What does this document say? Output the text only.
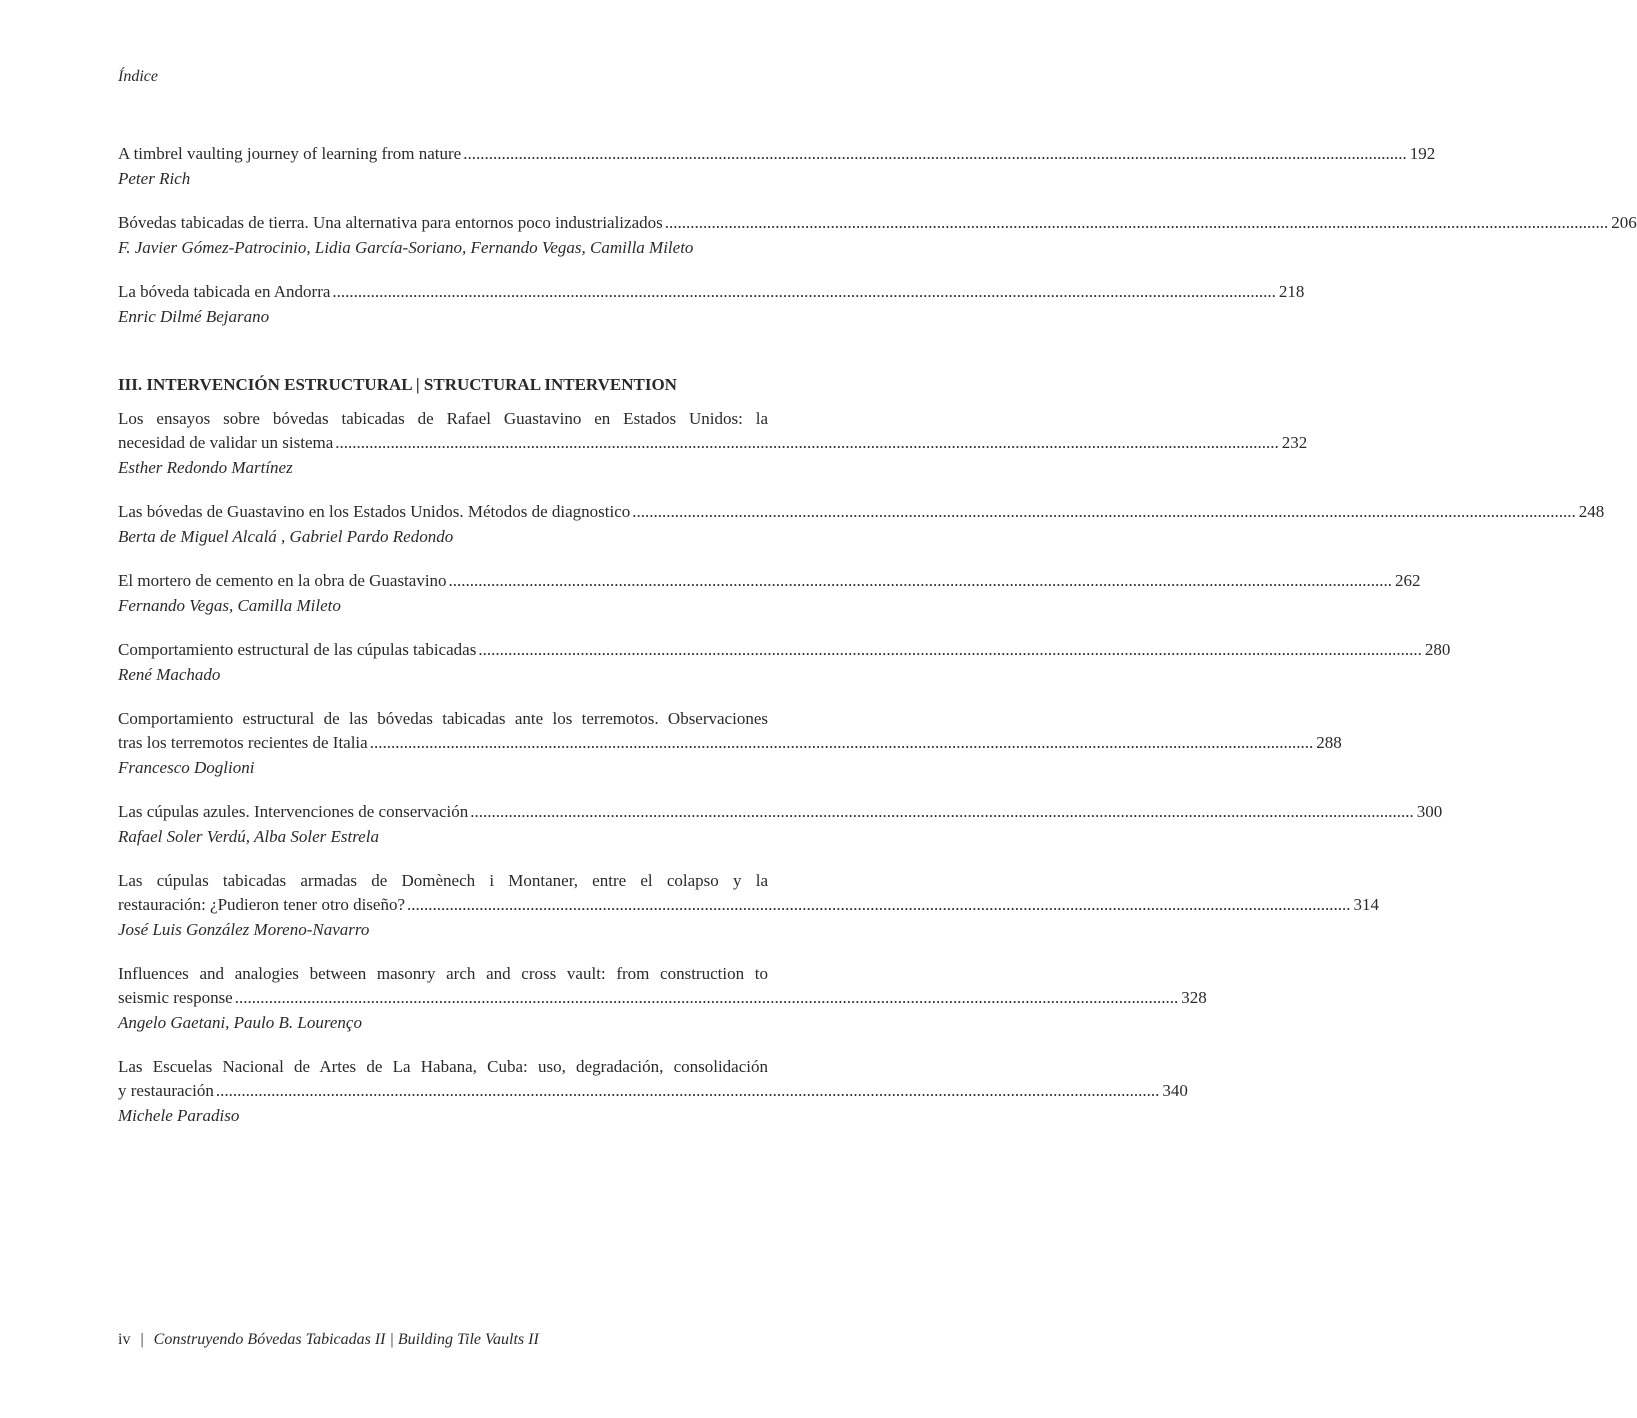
Índice
A timbrel vaulting journey of learning from nature .............................................................................................................................................................................................................................. 192
Peter Rich
Bóvedas tabicadas de tierra. Una alternativa para entornos poco industrializados .............................................................................................................................................................................................................................. 206
F. Javier Gómez-Patrocinio, Lidia García-Soriano, Fernando Vegas, Camilla Mileto
La bóveda tabicada en Andorra .............................................................................................................................................................................................................................. 218
Enric Dilmé Bejarano
III. INTERVENCIÓN ESTRUCTURAL | STRUCTURAL INTERVENTION
Los ensayos sobre bóvedas tabicadas de Rafael Guastavino en Estados Unidos: la
necesidad de validar un sistema .............................................................................................................................................................................................................................. 232
Esther Redondo Martínez
Las bóvedas de Guastavino en los Estados Unidos. Métodos de diagnostico .............................................................................................................................................................................................................................. 248
Berta de Miguel Alcalá , Gabriel Pardo Redondo
El mortero de cemento en la obra de Guastavino .............................................................................................................................................................................................................................. 262
Fernando Vegas, Camilla Mileto
Comportamiento estructural de las cúpulas tabicadas .............................................................................................................................................................................................................................. 280
René Machado
Comportamiento estructural de las bóvedas tabicadas ante los terremotos. Observaciones
tras los terremotos recientes de Italia .............................................................................................................................................................................................................................. 288
Francesco Doglioni
Las cúpulas azules. Intervenciones de conservación .............................................................................................................................................................................................................................. 300
Rafael Soler Verdú, Alba Soler Estrela
Las cúpulas tabicadas armadas de Domènech i Montaner, entre el colapso y la
restauración: ¿Pudieron tener otro diseño? .............................................................................................................................................................................................................................. 314
José Luis González Moreno-Navarro
Influences and analogies between masonry arch and cross vault: from construction to
seismic response .............................................................................................................................................................................................................................. 328
Angelo Gaetani, Paulo B. Lourenço
Las Escuelas Nacional de Artes de La Habana, Cuba: uso, degradación, consolidación
y restauración .............................................................................................................................................................................................................................. 340
Michele Paradiso
iv | Construyendo Bóvedas Tabicadas II | Building Tile Vaults II
